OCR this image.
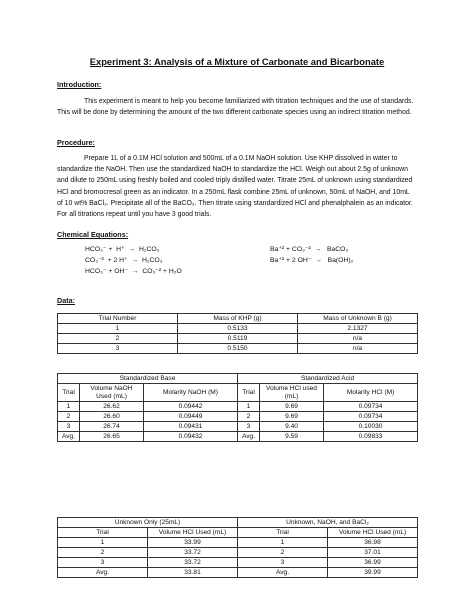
Experiment 3: Analysis of a Mixture of Carbonate and Bicarbonate
Introduction:

This experiment is meant to help you become familiarized with titration techniques and the use of standards. This will be done by determining the amount of the two different carbonate species using an indirect titration method.

Procedure:

Prepare 1L of a 0.1M HCl solution and 500mL of a 0.1M NaOH solution. Use KHP dissolved in water to standardize the NaOH. Then use the standardized NaOH to standardize the HCl. Weigh out about 2.5g of unknown and dilute to 250mL using freshly boiled and cooled triply distilled water. Titrate 25mL of unknown using standardized HCl and bromocresol green as an indicator. In a 250mL flask combine 25mL of unknown, 50mL of NaOH, and 10mL of 10 wt% BaCl₂. Precipitate all of the BaCO₃. Then titrate using standardized HCl and phenalphalein as an indicator. For all titrations repeat until you have 3 good trials.

Chemical Equations:
HCO₃⁻ +  H⁺  →  H₂CO₃
CO₃⁻²  + 2 H⁺  →  H₂CO₃
HCO₃⁻ + OH⁻  →  CO₃⁻² + H₂O
Ba⁺² + CO₃⁻²  →   BaCO₃
Ba⁺² + 2 OH⁻  →   Ba(OH)₂
Data:
Trial Number	Mass of KHP (g)	Mass of Unknown B (g)
1	0.5133	2.1327
2	0.5119	n/a
3	0.5150	n/a
Standardized Base			Standardized Acid		
Trial	Volume NaOH Used (mL)	Molarity NaOH (M)	Trial	Volume HCl used (mL)	Molarity HCl (M)
1	26.62	0.09442	1	9.69	0.09734
2	26.60	0.09449	2	9.69	0.09734
3	26.74	0.09431	3	9.40	0.10030
Avg.	26.65	0.09432	Avg.	9.59	0.09833
Unknown Only (25mL)		Unknown, NaOH, and BaCl₂	
Trial	Volume HCl Used (mL)	Trial	Volume HCl Used (mL)
1	33.99	1	36.98
2	33.72	2	37.01
3	33.72	3	36.99
Avg.	33.81	Avg.	39.99
